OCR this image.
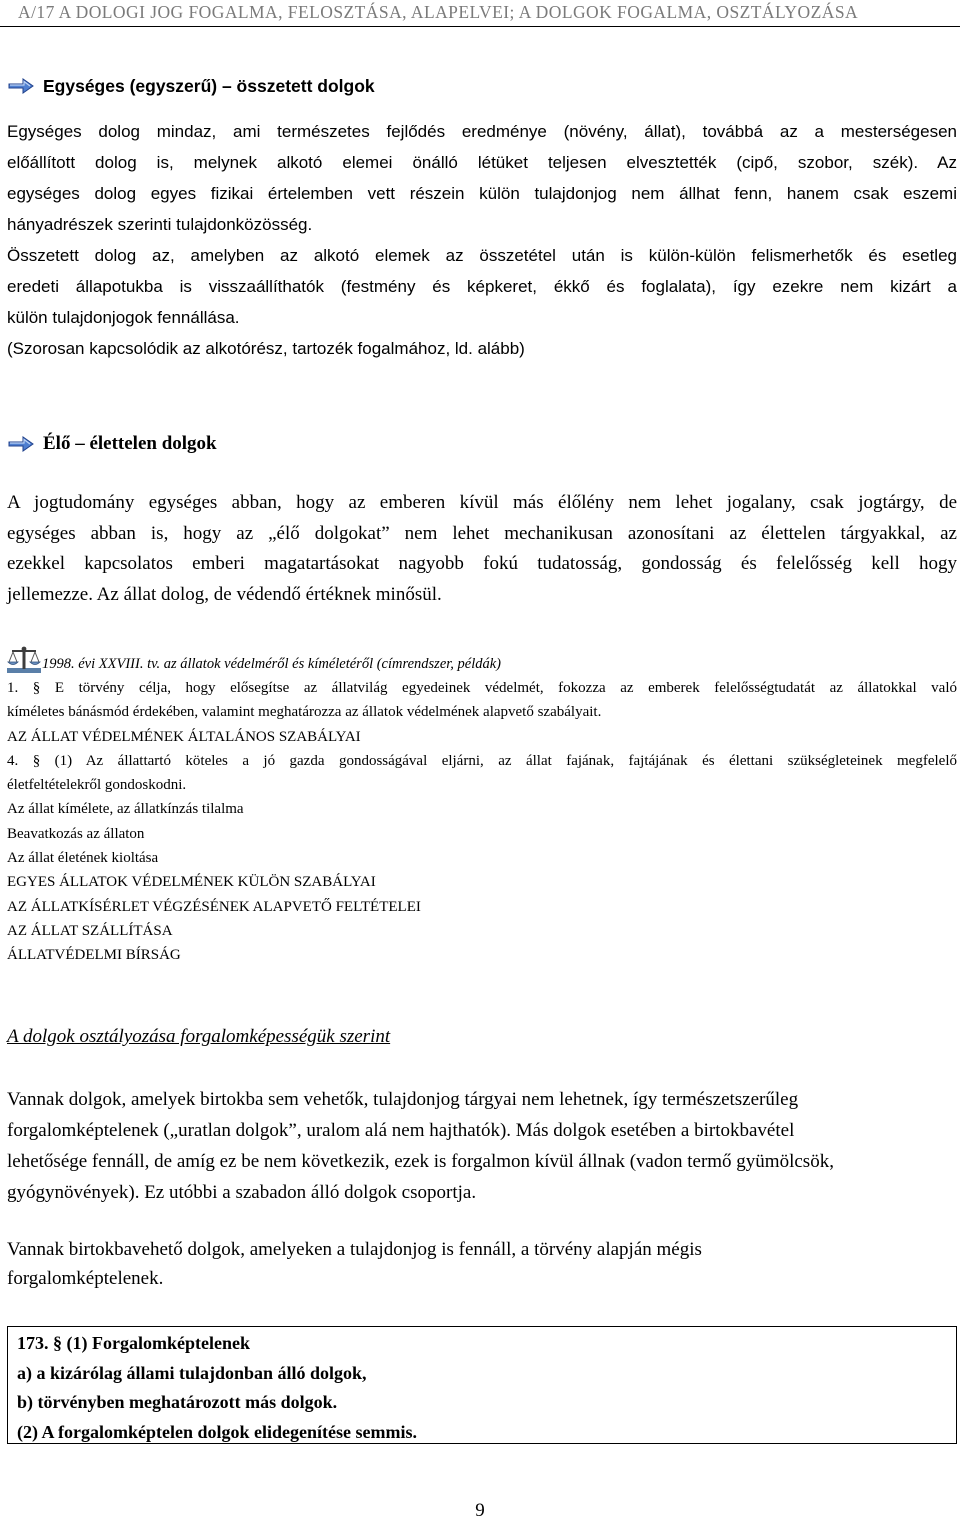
A/17 A DOLOGI JOG FOGALMA, FELOSZTÁSA, ALAPELVEI; A DOLGOK FOGALMA, OSZTÁLYOZÁSA
Egységes (egyszerű) – összetett dolgok
Egységes dolog mindaz, ami természetes fejlődés eredménye (növény, állat), továbbá az a mesterségesen
előállított dolog is, melynek alkotó elemei önálló létüket teljesen elvesztették (cipő, szobor, szék). Az
egységes dolog egyes fizikai értelemben vett részein külön tulajdonjog nem állhat fenn, hanem csak eszemi
hányadrészek szerinti tulajdonközösség.
Összetett dolog az, amelyben az alkotó elemek az összetétel után is külön-külön felismerhetők és esetleg
eredeti állapotukba is visszaállíthatók (festmény és képkeret, ékkő és foglalata), így ezekre nem kizárt a
külön tulajdonjogok fennállása.
(Szorosan kapcsolódik az alkotórész, tartozék fogalmához, ld. alább)
Élő – élettelen dolgok
A jogtudomány egységes abban, hogy az emberen kívül más élőlény nem lehet jogalany, csak jogtárgy, de
egységes abban is, hogy az „élő dolgokat” nem lehet mechanikusan azonosítani az élettelen tárgyakkal, az
ezekkel kapcsolatos emberi magatartásokat nagyobb fokú tudatosság, gondosság és felelősség kell hogy
jellemezze. Az állat dolog, de védendő értéknek minősül.
1998. évi XXVIII. tv. az állatok védelméről és kíméletéről (címrendszer, példák)
1. § E törvény célja, hogy elősegítse az állatvilág egyedeinek védelmét, fokozza az emberek felelősségtudatát az állatokkal való
kíméletes bánásmód érdekében, valamint meghatározza az állatok védelmének alapvető szabályait.
AZ ÁLLAT VÉDELMÉNEK ÁLTALÁNOS SZABÁLYAI
4. § (1) Az állattartó köteles a jó gazda gondosságával eljárni, az állat fajának, fajtájának és élettani szükségleteinek megfelelő
életfeltételekről gondoskodni.
Az állat kímélete, az állatkínzás tilalma
Beavatkozás az állaton
Az állat életének kioltása
EGYES ÁLLATOK VÉDELMÉNEK KÜLÖN SZABÁLYAI
AZ ÁLLATKÍSÉRLET VÉGZÉSÉNEK ALAPVETŐ FELTÉTELEI
AZ ÁLLAT SZÁLLÍTÁSA
ÁLLATVÉDELMI BÍRSÁG
A dolgok osztályozása forgalomképességük szerint
Vannak dolgok, amelyek birtokba sem vehetők, tulajdonjog tárgyai nem lehetnek, így természetszerűleg
forgalomképtelenek („uratlan dolgok”, uralom alá nem hajthatók). Más dolgok esetében a birtokbavétel
lehetősége fennáll, de amíg ez be nem következik, ezek is forgalmon kívül állnak (vadon termő gyümölcsök,
gyógynövények). Ez utóbbi a szabadon álló dolgok csoportja.
Vannak birtokbavehető dolgok, amelyeken a tulajdonjog is fennáll, a törvény alapján mégis
forgalomképtelenek.
173. § (1) Forgalomképtelenek
a) a kizárólag állami tulajdonban álló dolgok,
b) törvényben meghatározott más dolgok.
(2) A forgalomképtelen dolgok elidegenítése semmis.
9
